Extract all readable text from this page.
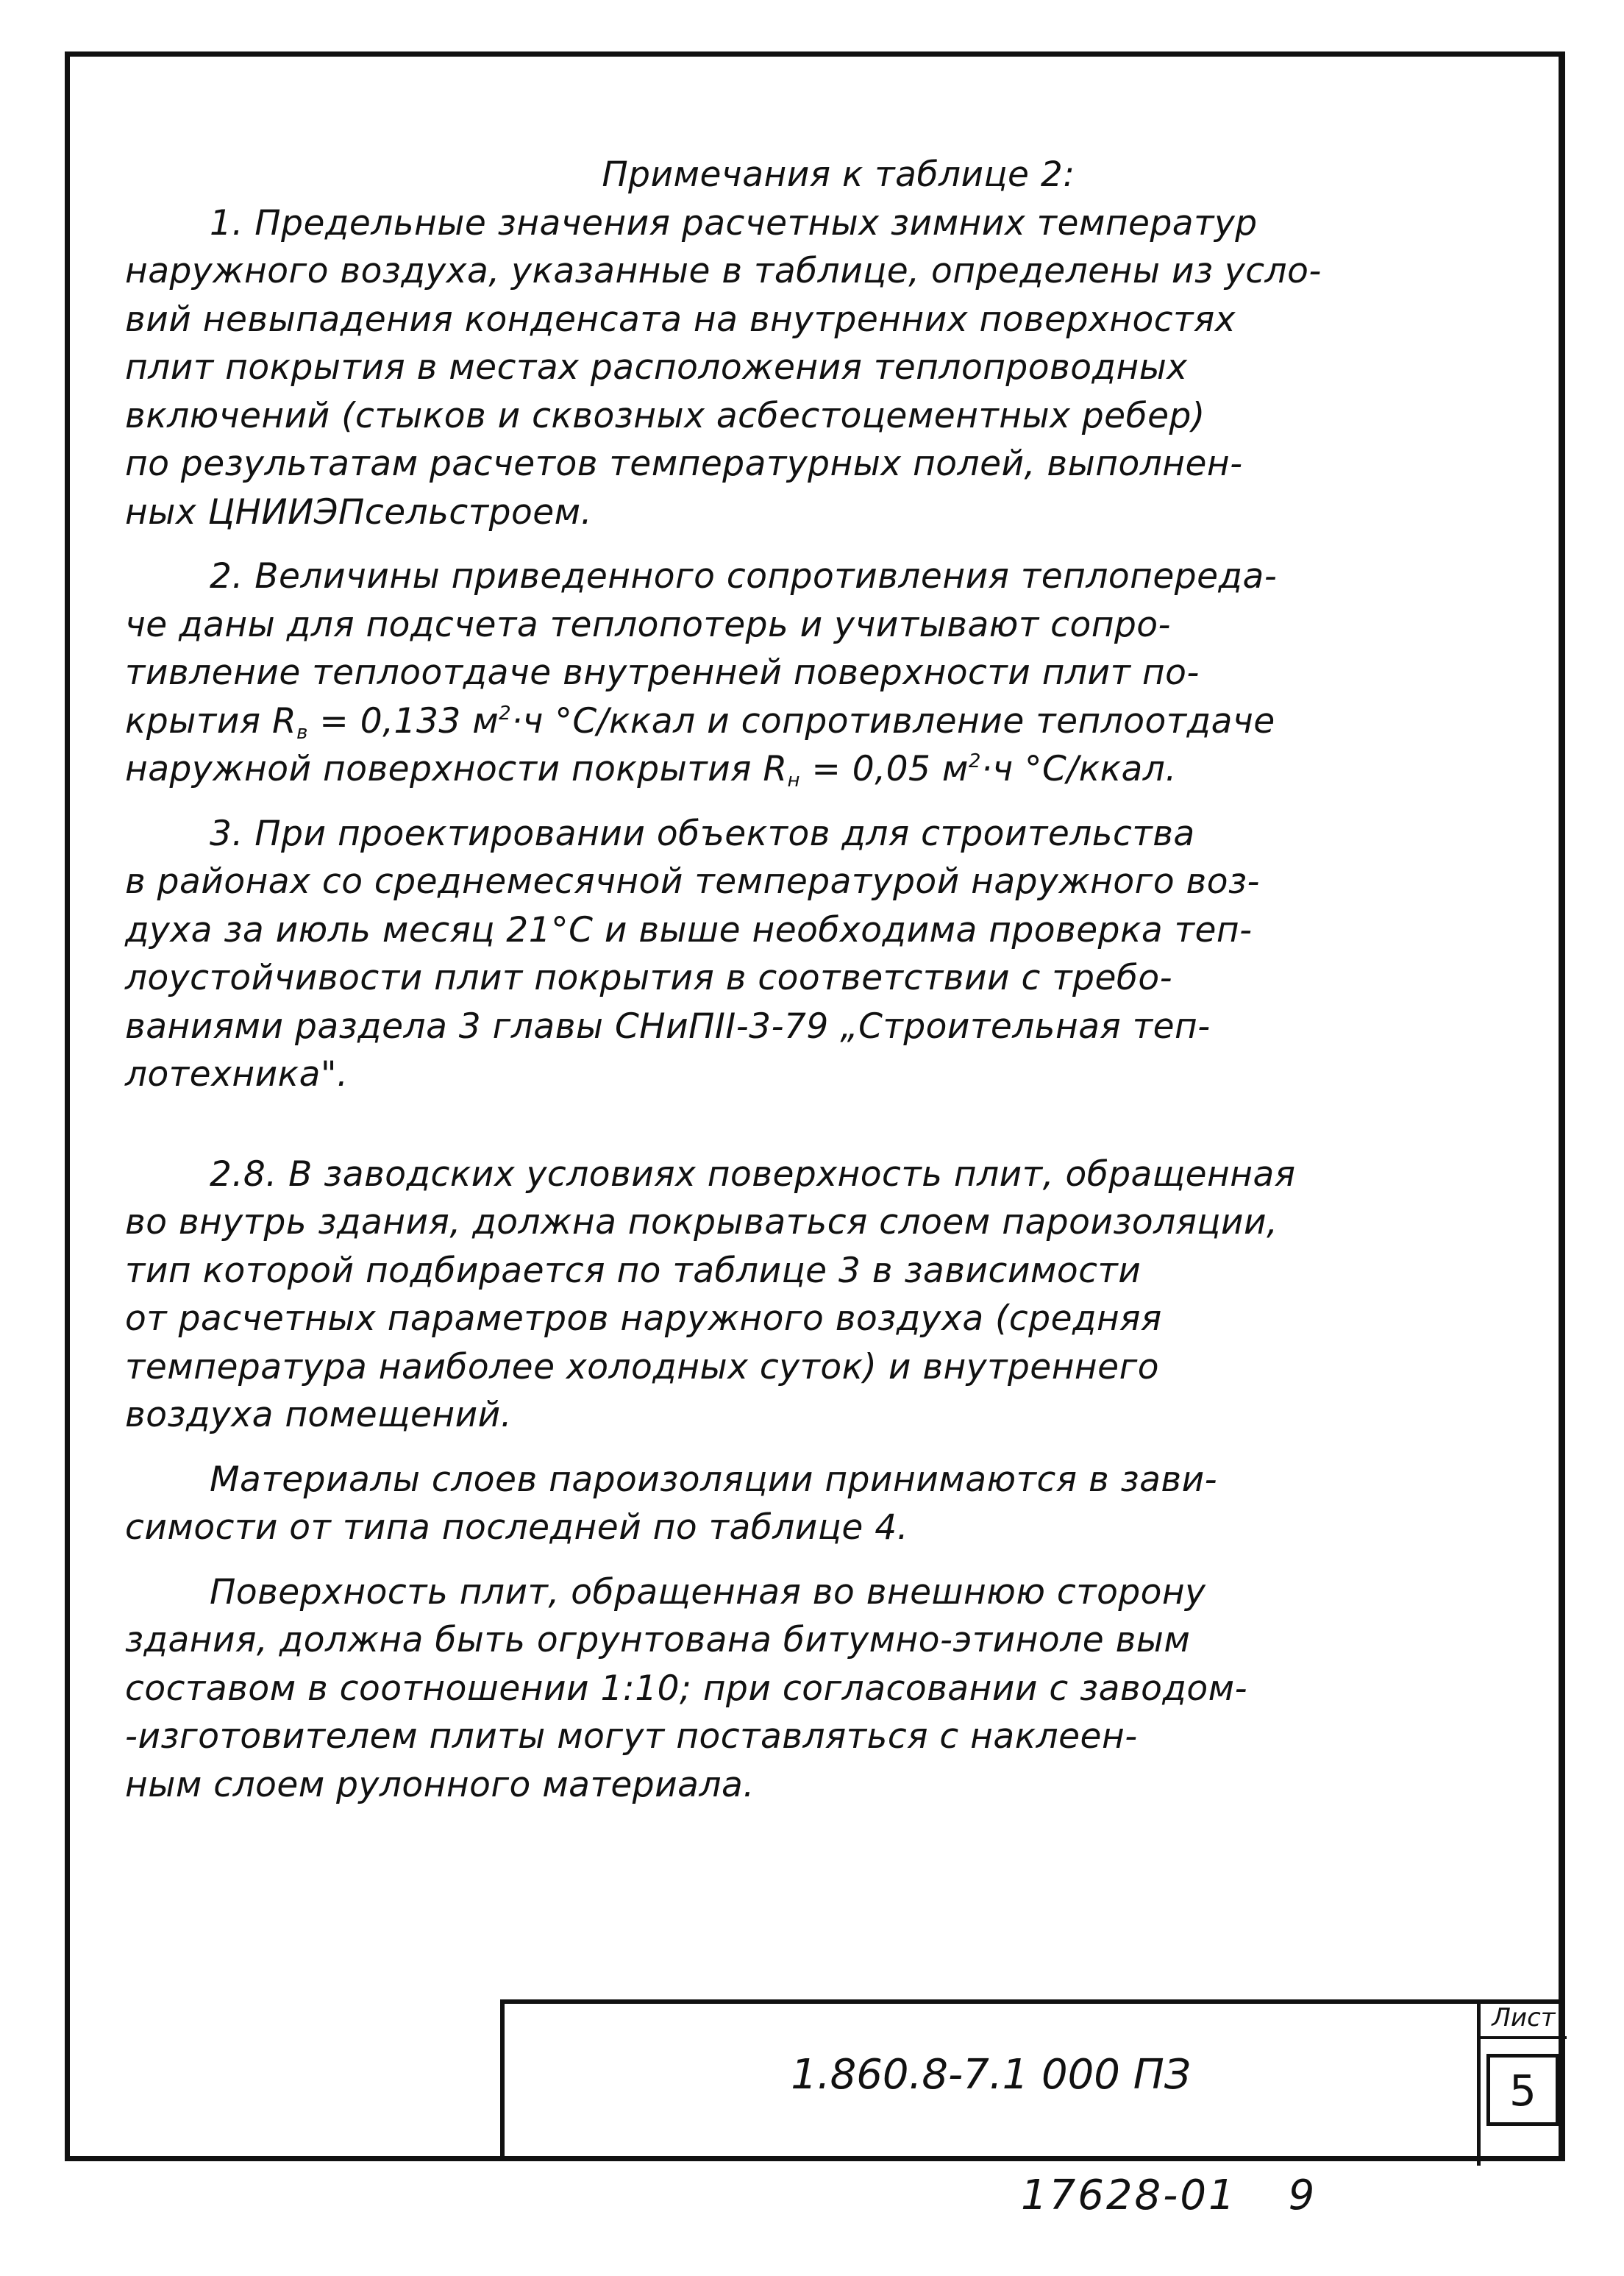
Примечания к таблице 2:
1. Предельные значения расчетных зимних температур
наружного воздуха, указанные в таблице, определены из усло-
вий невыпадения конденсата на внутренних поверхностях
плит покрытия в местах расположения теплопроводных
включений (стыков и сквозных асбестоцементных ребер)
по результатам расчетов температурных полей, выполнен-
ных ЦНИИЭПсельстроем.
2. Величины приведенного сопротивления теплопереда-
че даны для подсчета теплопотерь и учитывают сопро-
тивление теплоотдаче внутренней поверхности плит по-
крытия $R_в = 0,133$ $м^2\cdot ч$ °С/ккал и сопротивление теплоотдаче
наружной поверхности покрытия $R_н = 0,05$ $м^2\cdot ч$ °С/ккал.
3. При проектировании объектов для строительства
в районах со среднемесячной температурой наружного воз-
духа за июль месяц 21°С и выше необходима проверка теп-
лоустойчивости плит покрытия в соответствии с требо-
ваниями раздела 3 главы СНиПII-3-79 „Строительная теп-
лотехника".
2.8. В заводских условиях поверхность плит, обращенная
во внутрь здания, должна покрываться слоем пароизоляции,
тип которой подбирается по таблице 3 в зависимости
от расчетных параметров наружного воздуха (средняя
температура наиболее холодных суток) и внутреннего
воздуха помещений.
Материалы слоев пароизоляции принимаются в зави-
симости от типа последней по таблице 4.
Поверхность плит, обращенная во внешнюю сторону
здания, должна быть огрунтована битумно-этиноле вым
составом в соотношении 1:10; при согласовании с заводом-
-изготовителем плиты могут поставляться с наклеен-
ным слоем рулонного материала.
1.860.8-7.1 000 ПЗ
Лист
5
17628-01 9
